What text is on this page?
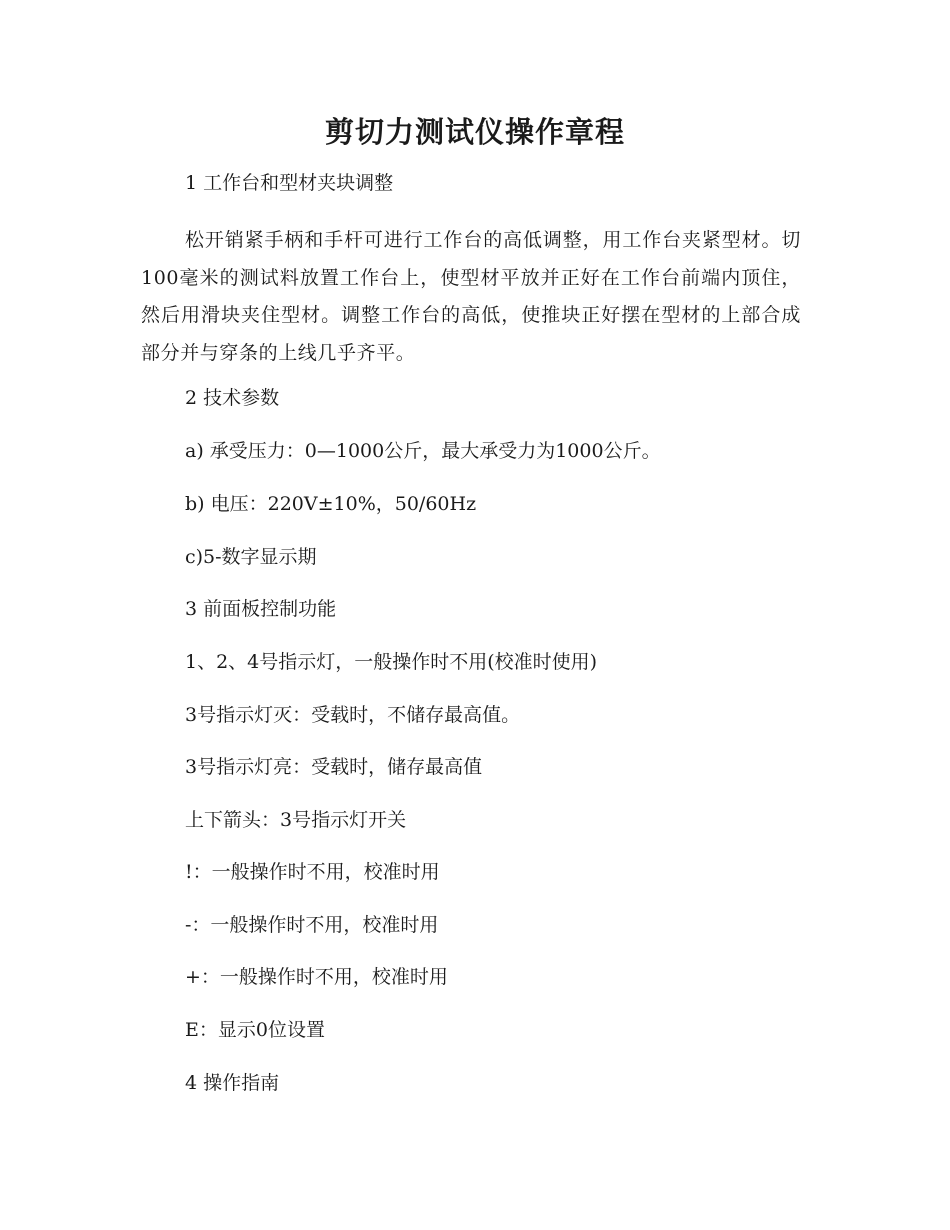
剪切力测试仪操作章程

1 工作台和型材夹块调整

松开销紧手柄和手杆可进行工作台的高低调整，用工作台夹紧型材。切100毫米的测试料放置工作台上，使型材平放并正好在工作台前端内顶住，然后用滑块夹住型材。调整工作台的高低，使推块正好摆在型材的上部合成部分并与穿条的上线几乎齐平。

2 技术参数

a) 承受压力：0—1000公斤，最大承受力为1000公斤。

b) 电压：220V±10%，50/60Hz

c)5-数字显示期

3 前面板控制功能

1、2、4号指示灯，一般操作时不用(校准时使用)

3号指示灯灭：受载时，不储存最高值。

3号指示灯亮：受载时，储存最高值

上下箭头：3号指示灯开关

!：一般操作时不用，校准时用

-：一般操作时不用，校准时用

+：一般操作时不用，校准时用

E：显示0位设置

4 操作指南
